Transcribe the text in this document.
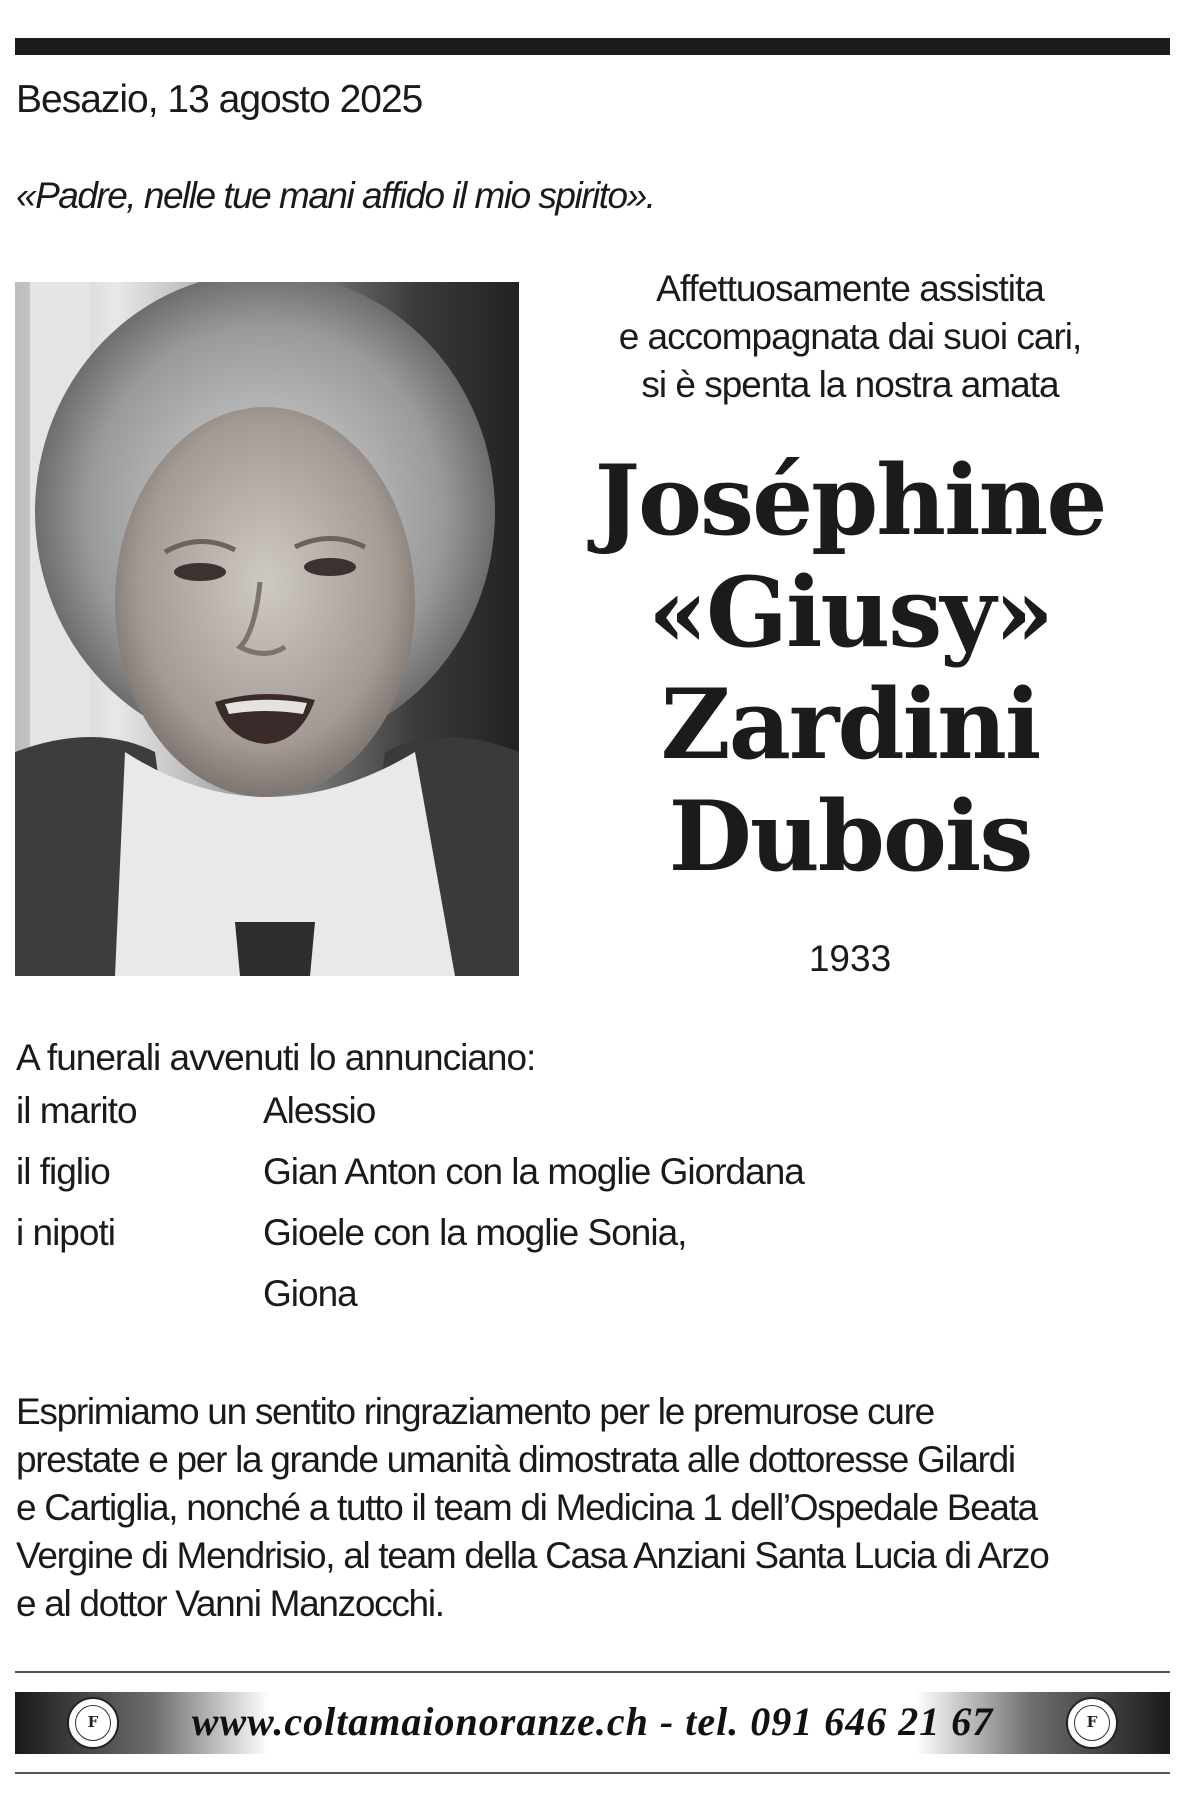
Besazio, 13 agosto 2025
«Padre, nelle tue mani affido il mio spirito».
Affettuosamente assistita
e accompagnata dai suoi cari,
si è spenta la nostra amata
Joséphine
«Giusy»
Zardini
Dubois
1933
A funerali avvenuti lo annunciano:
il marito	Alessio
il figlio	Gian Anton con la moglie Giordana
i nipoti	Gioele con la moglie Sonia,
Giona
Esprimiamo un sentito ringraziamento per le premurose cure
prestate e per la grande umanità dimostrata alle dottoresse Gilardi
e Cartiglia, nonché a tutto il team di Medicina 1 dell’Ospedale Beata
Vergine di Mendrisio, al team della Casa Anziani Santa Lucia di Arzo
e al dottor Vanni Manzocchi.
F	www.coltamaionoranze.ch - tel. 091 646 21 67	F
